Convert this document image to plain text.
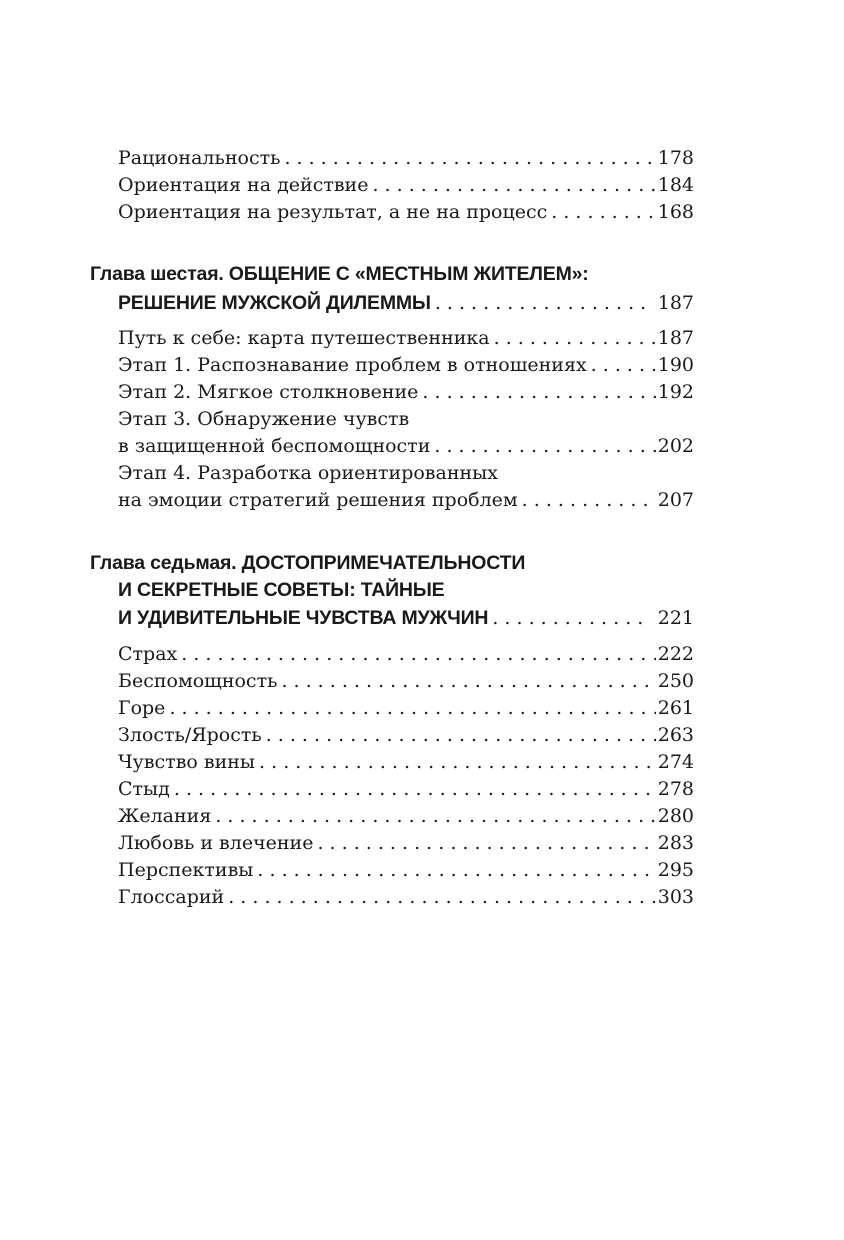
Рациональность . . .	178
Ориентация на действие . . .	184
Ориентация на результат, а не на процесс . . .	168
Глава шестая. ОБЩЕНИЕ С «МЕСТНЫМ ЖИТЕЛЕМ»:
РЕШЕНИЕ МУЖСКОЙ ДИЛЕММЫ . . .	187
Путь к себе: карта путешественника . . .	187
Этап 1. Распознавание проблем в отношениях . . .	190
Этап 2. Мягкое столкновение . . .	192
Этап 3. Обнаружение чувств
в защищенной беспомощности . . .	202
Этап 4. Разработка ориентированных
на эмоции стратегий решения проблем . . .	207
Глава седьмая. ДОСТОПРИМЕЧАТЕЛЬНОСТИ
И СЕКРЕТНЫЕ СОВЕТЫ: ТАЙНЫЕ
И УДИВИТЕЛЬНЫЕ ЧУВСТВА МУЖЧИН . . .	221
Страх . . .	222
Беспомощность . . .	250
Горе . . .	261
Злость/Ярость . . .	263
Чувство вины . . .	274
Стыд . . .	278
Желания . . .	280
Любовь и влечение . . .	283
Перспективы . . .	295
Глоссарий . . .	303
